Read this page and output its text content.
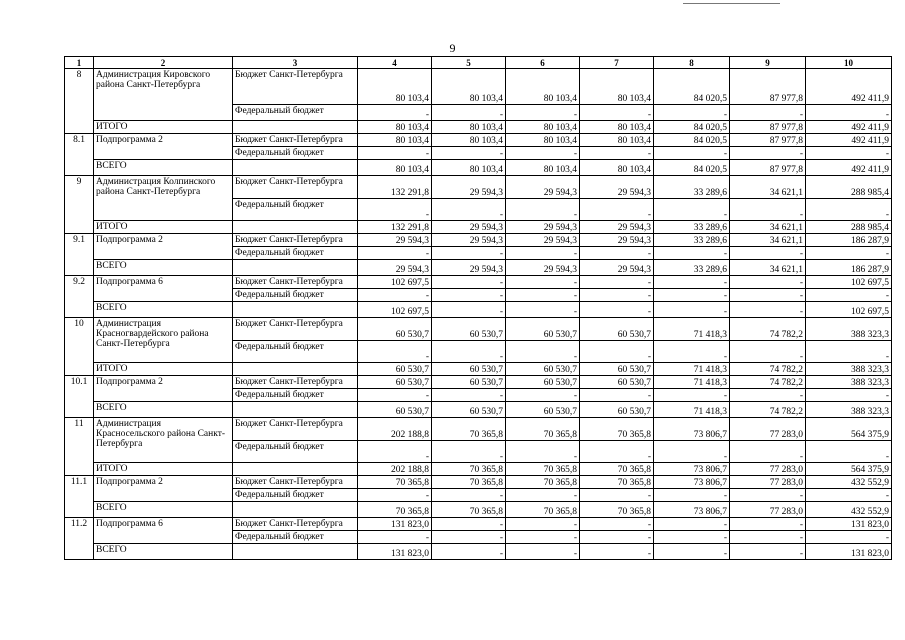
9
1	2	3	4	5	6	7	8	9	10
8	Администрация Кировского района Санкт-Петербурга	Бюджет Санкт-Петербурга	80 103,4	80 103,4	80 103,4	80 103,4	84 020,5	87 977,8	492 411,9
		Федеральный бюджет	-	-	-	-	-	-	-
	ИТОГО		80 103,4	80 103,4	80 103,4	80 103,4	84 020,5	87 977,8	492 411,9
8.1	Подпрограмма 2	Бюджет Санкт-Петербурга	80 103,4	80 103,4	80 103,4	80 103,4	84 020,5	87 977,8	492 411,9
		Федеральный бюджет	-	-	-	-	-	-	-
	ВСЕГО		80 103,4	80 103,4	80 103,4	80 103,4	84 020,5	87 977,8	492 411,9
9	Администрация Колпинского района Санкт-Петербурга	Бюджет Санкт-Петербурга	132 291,8	29 594,3	29 594,3	29 594,3	33 289,6	34 621,1	288 985,4
		Федеральный бюджет	-	-	-	-	-	-	-
	ИТОГО		132 291,8	29 594,3	29 594,3	29 594,3	33 289,6	34 621,1	288 985,4
9.1	Подпрограмма 2	Бюджет Санкт-Петербурга	29 594,3	29 594,3	29 594,3	29 594,3	33 289,6	34 621,1	186 287,9
		Федеральный бюджет	-	-	-	-	-	-	-
	ВСЕГО		29 594,3	29 594,3	29 594,3	29 594,3	33 289,6	34 621,1	186 287,9
9.2	Подпрограмма 6	Бюджет Санкт-Петербурга	102 697,5	-	-	-	-	-	102 697,5
		Федеральный бюджет	-	-	-	-	-	-	-
	ВСЕГО		102 697,5	-	-	-	-	-	102 697,5
10	Администрация Красногвардейского района Санкт-Петербурга	Бюджет Санкт-Петербурга	60 530,7	60 530,7	60 530,7	60 530,7	71 418,3	74 782,2	388 323,3
		Федеральный бюджет	-	-	-	-	-	-	-
	ИТОГО		60 530,7	60 530,7	60 530,7	60 530,7	71 418,3	74 782,2	388 323,3
10.1	Подпрограмма 2	Бюджет Санкт-Петербурга	60 530,7	60 530,7	60 530,7	60 530,7	71 418,3	74 782,2	388 323,3
		Федеральный бюджет	-	-	-	-	-	-	-
	ВСЕГО		60 530,7	60 530,7	60 530,7	60 530,7	71 418,3	74 782,2	388 323,3
11	Администрация Красносельского района Санкт-Петербурга	Бюджет Санкт-Петербурга	202 188,8	70 365,8	70 365,8	70 365,8	73 806,7	77 283,0	564 375,9
		Федеральный бюджет	-	-	-	-	-	-	-
	ИТОГО		202 188,8	70 365,8	70 365,8	70 365,8	73 806,7	77 283,0	564 375,9
11.1	Подпрограмма 2	Бюджет Санкт-Петербурга	70 365,8	70 365,8	70 365,8	70 365,8	73 806,7	77 283,0	432 552,9
		Федеральный бюджет	-	-	-	-	-	-	-
	ВСЕГО		70 365,8	70 365,8	70 365,8	70 365,8	73 806,7	77 283,0	432 552,9
11.2	Подпрограмма 6	Бюджет Санкт-Петербурга	131 823,0	-	-	-	-	-	131 823,0
		Федеральный бюджет	-	-	-	-	-	-	-
	ВСЕГО		131 823,0	-	-	-	-	-	131 823,0
